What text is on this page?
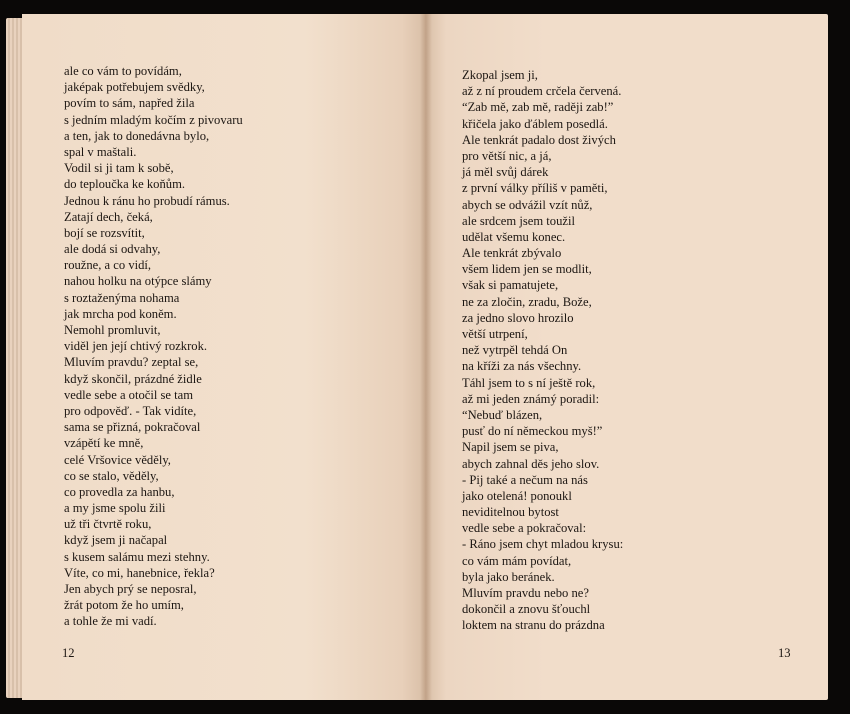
ale co vám to povídám,
jaképak potřebujem svědky,
povím to sám, napřed žila
s jedním mladým kočím z pivovaru
a ten, jak to donedávna bylo,
spal v maštali.
Vodil si ji tam k sobě,
do teploučka ke koňům.
Jednou k ránu ho probudí rámus.
Zatají dech, čeká,
bojí se rozsvítit,
ale dodá si odvahy,
roužne, a co vidí,
nahou holku na otýpce slámy
s roztaženýma nohama
jak mrcha pod koněm.
Nemohl promluvit,
viděl jen její chtivý rozkrok.
Mluvím pravdu? zeptal se,
když skončil, prázdné židle
vedle sebe a otočil se tam
pro odpověď. - Tak vidíte,
sama se přizná, pokračoval
vzápětí ke mně,
celé Vršovice věděly,
co se stalo, věděly,
co provedla za hanbu,
a my jsme spolu žili
už tři čtvrtě roku,
když jsem ji načapal
s kusem salámu mezi stehny.
Víte, co mi, hanebnice, řekla?
Jen abych prý se neposral,
žrát potom že ho umím,
a tohle že mi vadí.
Zkopal jsem ji,
až z ní proudem crčela červená.
“Zab mě, zab mě, raději zab!”
křičela jako ďáblem posedlá.
Ale tenkrát padalo dost živých
pro větší nic, a já,
já měl svůj dárek
z první války příliš v paměti,
abych se odvážil vzít nůž,
ale srdcem jsem toužil
udělat všemu konec.
Ale tenkrát zbývalo
všem lidem jen se modlit,
však si pamatujete,
ne za zločin, zradu, Bože,
za jedno slovo hrozilo
větší utrpení,
než vytrpěl tehdá On
na kříži za nás všechny.
Táhl jsem to s ní ještě rok,
až mi jeden známý poradil:
“Nebuď blázen,
pusť do ní německou myš!”
Napil jsem se piva,
abych zahnal děs jeho slov.
- Pij také a nečum na nás
jako otelená! ponoukl
neviditelnou bytost
vedle sebe a pokračoval:
- Ráno jsem chyt mladou krysu:
co vám mám povídat,
byla jako beránek.
Mluvím pravdu nebo ne?
dokončil a znovu šťouchl
loktem na stranu do prázdna
12	13
